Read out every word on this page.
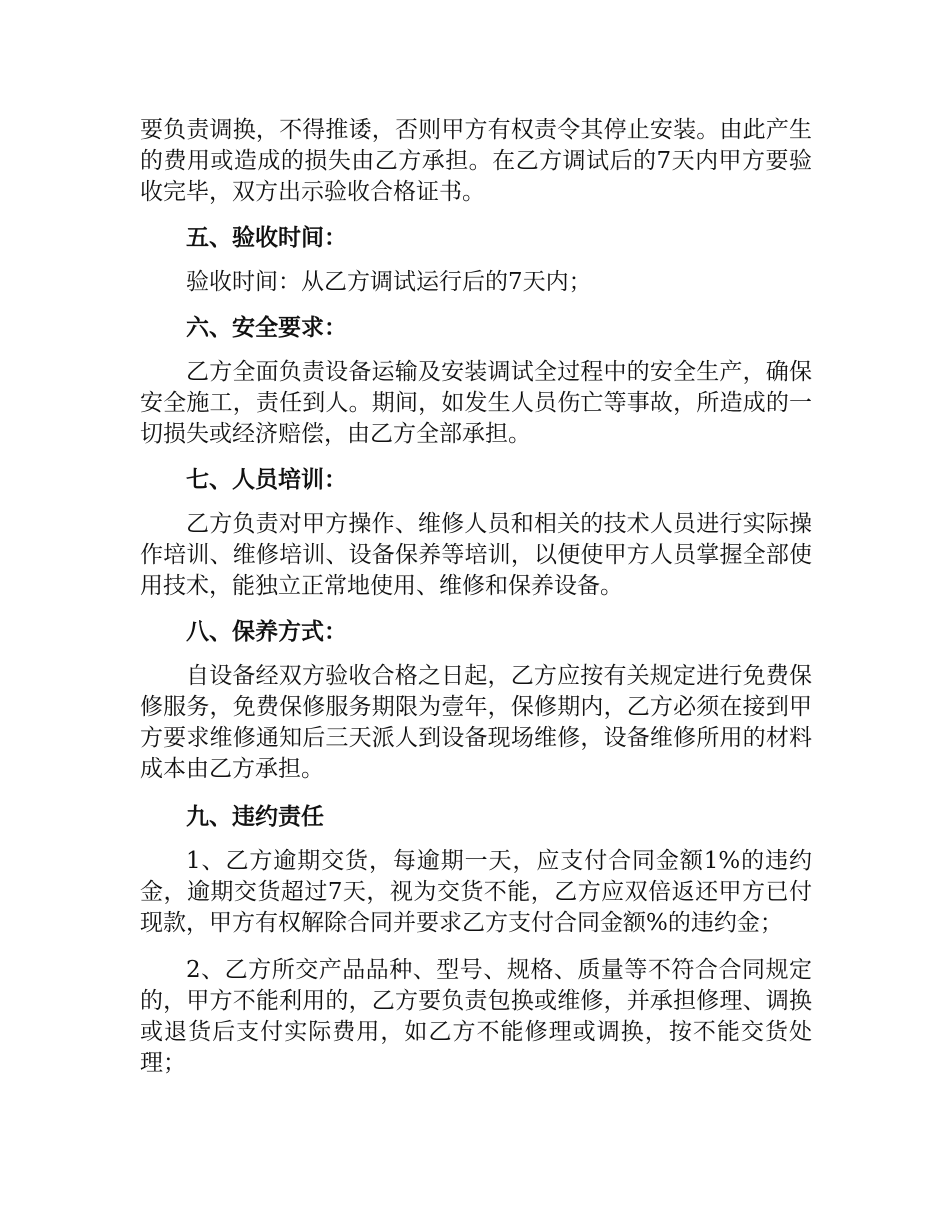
要负责调换，不得推诿，否则甲方有权责令其停止安装。由此产生的费用或造成的损失由乙方承担。在乙方调试后的7天内甲方要验收完毕，双方出示验收合格证书。

五、验收时间：

验收时间：从乙方调试运行后的7天内；

六、安全要求：

乙方全面负责设备运输及安装调试全过程中的安全生产，确保安全施工，责任到人。期间，如发生人员伤亡等事故，所造成的一切损失或经济赔偿，由乙方全部承担。

七、人员培训：

乙方负责对甲方操作、维修人员和相关的技术人员进行实际操作培训、维修培训、设备保养等培训，以便使甲方人员掌握全部使用技术，能独立正常地使用、维修和保养设备。

八、保养方式：

自设备经双方验收合格之日起，乙方应按有关规定进行免费保修服务，免费保修服务期限为壹年，保修期内，乙方必须在接到甲方要求维修通知后三天派人到设备现场维修，设备维修所用的材料成本由乙方承担。

九、违约责任

1、乙方逾期交货，每逾期一天，应支付合同金额1%的违约金，逾期交货超过7天，视为交货不能，乙方应双倍返还甲方已付现款，甲方有权解除合同并要求乙方支付合同金额%的违约金；

2、乙方所交产品品种、型号、规格、质量等不符合合同规定的，甲方不能利用的，乙方要负责包换或维修，并承担修理、调换或退货后支付实际费用，如乙方不能修理或调换，按不能交货处理；
